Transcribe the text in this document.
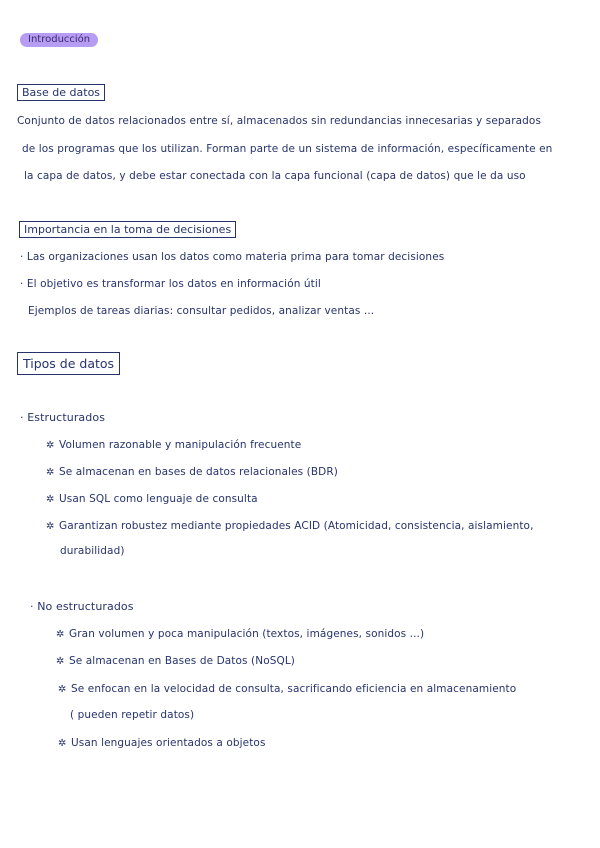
Introducción
Base de datos
Conjunto de datos relacionados entre sí, almacenados sin redundancias innecesarias y separados
de los programas que los utilizan. Forman parte de un sistema de información, específicamente en
la capa de datos, y debe estar conectada con la capa funcional (capa de datos) que le da uso
Importancia en la toma de decisiones
· Las organizaciones usan los datos como materia prima para tomar decisiones
· El objetivo es transformar los datos en información útil
Ejemplos de tareas diarias: consultar pedidos, analizar ventas ...
Tipos de datos
· Estructurados
✲ Volumen razonable y manipulación frecuente
✲ Se almacenan en bases de datos relacionales (BDR)
✲ Usan SQL como lenguaje de consulta
✲ Garantizan robustez mediante propiedades ACID (Atomicidad, consistencia, aislamiento,
durabilidad)
· No estructurados
✲ Gran volumen y poca manipulación (textos, imágenes, sonidos ...)
✲ Se almacenan en Bases de Datos (NoSQL)
✲ Se enfocan en la velocidad de consulta, sacrificando eficiencia en almacenamiento
( pueden repetir datos)
✲ Usan lenguajes orientados a objetos
